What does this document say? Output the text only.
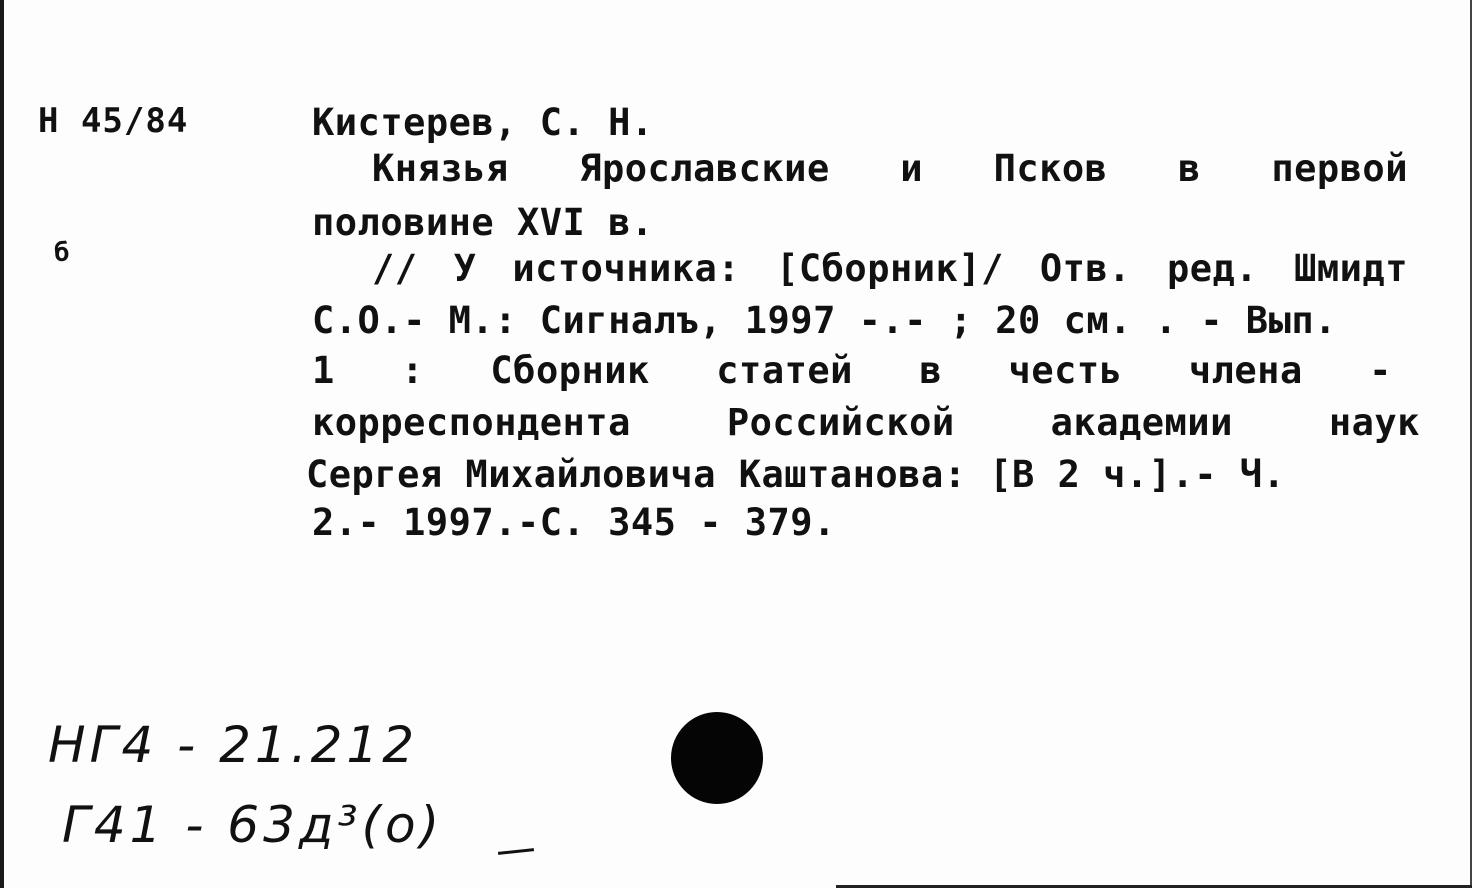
Н 45/84
б
Кистерев, С. Н.
Князья Ярославские и Псков в первой
половине XVI в.
// У источника: [Сборник]/ Отв. ред. Шмидт
С.О.- М.: Сигналъ, 1997 -.- ; 20 см. . - Вып.
1 : Сборник статей в честь члена -
корреспондента	Российской	академии	наук
Сергея Михайловича Каштанова: [В 2 ч.].- Ч.
2.- 1997.-С. 345 - 379.
НГ4 - 21.212
Г41 - 63д³(о)
